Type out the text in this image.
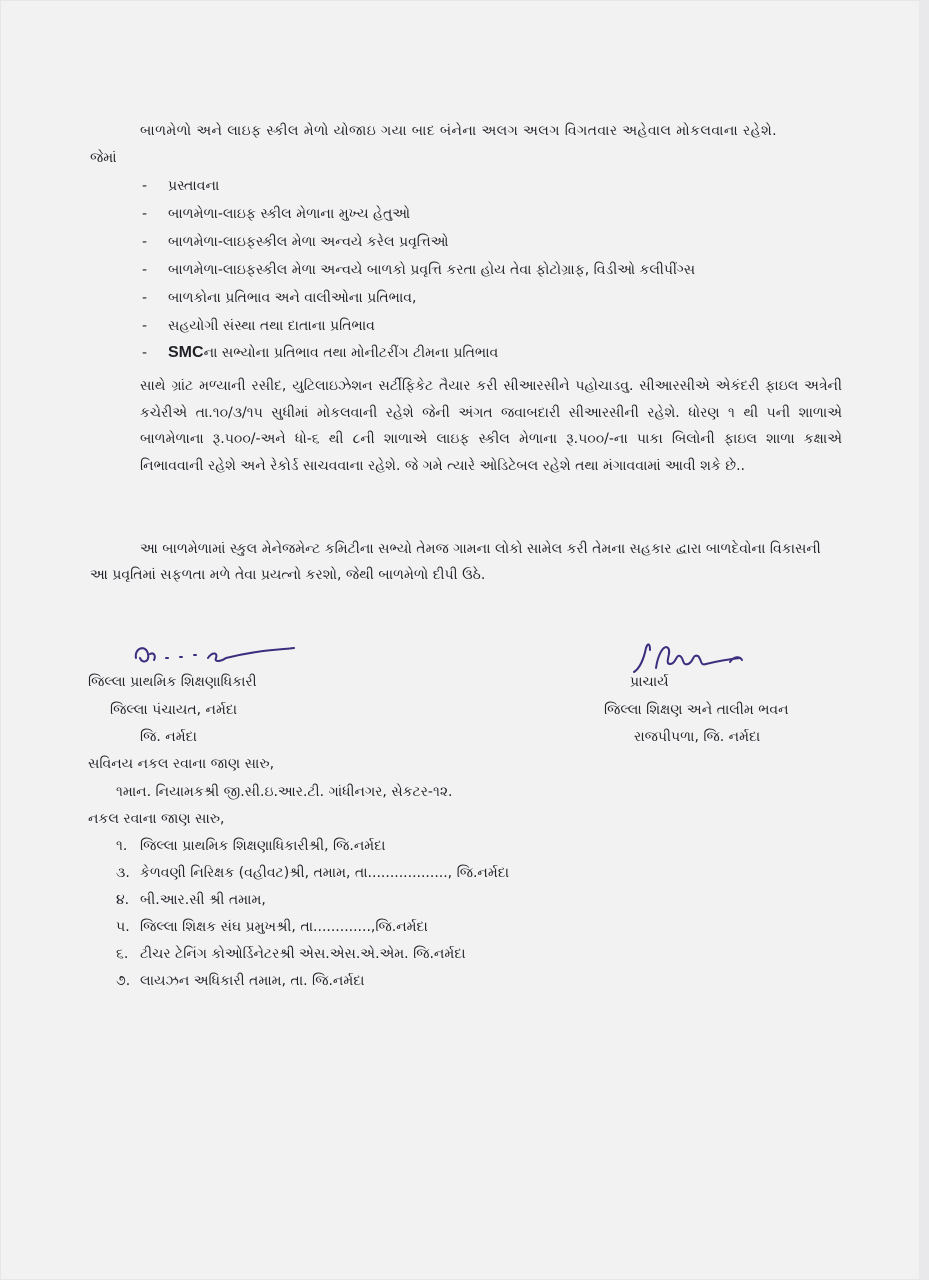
બાળમેળો અને લાઇફ સ્કીલ મેળો યોજાઇ ગયા બાદ બંનેના અલગ અલગ વિગતવાર અહેવાલ મોકલવાના રહેશે.
જેમાં
- પ્રસ્તાવના
- બાળમેળા-લાઇફ સ્કીલ મેળાના મુખ્ય હેતુઓ
- બાળમેળા-લાઇફસ્કીલ મેળા અન્વયે કરેલ પ્રવૃત્તિઓ
- બાળમેળા-લાઇફસ્કીલ મેળા અન્વયે બાળકો પ્રવૃત્તિ કરતા હોય તેવા ફોટોગ્રાફ, વિડીઓ કલીપીંગ્સ
- બાળકોના પ્રતિભાવ અને વાલીઓના પ્રતિભાવ,
- સહયોગી સંસ્થા તથા દાતાના પ્રતિભાવ
- SMCના સભ્યોના પ્રતિભાવ તથા મોનીટરીંગ ટીમના પ્રતિભાવ
સાથે ગ્રાંટ મળ્યાની રસીદ, યુટિલાઇઝેશન સર્ટીફિકેટ તૈયાર કરી સીઆરસીને પહોચાડવુ. સીઆરસીએ એકંદરી ફાઇલ અત્રેની કચેરીએ તા.૧૦/૩/૧૫ સુધીમાં મોકલવાની રહેશે જેની અંગત જવાબદારી સીઆરસીની રહેશે. ધોરણ ૧ થી ૫ની શાળાએ બાળમેળાના રૂ.૫૦૦/-અને ધો-૬ થી ૮ની શાળાએ લાઇફ સ્કીલ મેળાના રૂ.૫૦૦/-ના પાકા બિલોની ફાઇલ શાળા કક્ષાએ નિભાવવાની રહેશે અને રેકોર્ડ સાચવવાના રહેશે. જે ગમે ત્યારે ઓડિટેબલ રહેશે તથા મંગાવવામાં આવી શકે છે..
આ બાળમેળામાં સ્કુલ મેનેજમેન્ટ કમિટીના સભ્યો તેમજ ગામના લોકો સામેલ કરી તેમના સહકાર દ્વારા બાળદેવોના વિકાસની આ પ્રવૃતિમાં સફળતા મળે તેવા પ્રયત્નો કરશો, જેથી બાળમેળો દીપી ઉઠે.
જિલ્લા પ્રાથમિક શિક્ષણાધિકારી
જિલ્લા પંચાયત, નર્મદા
જિ. નર્મદા
પ્રાચાર્ય
જિલ્લા શિક્ષણ અને તાલીમ ભવન
રાજપીપળા, જિ. નર્મદા
સવિનય નકલ રવાના જાણ સારુ,
૧માન. નિયામકશ્રી જી.સી.ઇ.આર.ટી. ગાંધીનગર, સેકટર-૧૨.
નકલ રવાના જાણ સારુ,
૧. જિલ્લા પ્રાથમિક શિક્ષણાધિકારીશ્રી, જિ.નર્મદા
૩. કેળવણી નિરિક્ષક (વહીવટ)શ્રી, તમામ, તા.................., જિ.નર્મદા
૪. બી.આર.સી શ્રી તમામ,
૫. જિલ્લા શિક્ષક સંઘ પ્રમુખશ્રી, તા.............,જિ.નર્મદા
૬. ટીચર ટેનિંગ કોઓર્ડિનેટરશ્રી એસ.એસ.એ.એમ. જિ.નર્મદા
૭. લાયઝન અધિકારી તમામ, તા. જિ.નર્મદા
